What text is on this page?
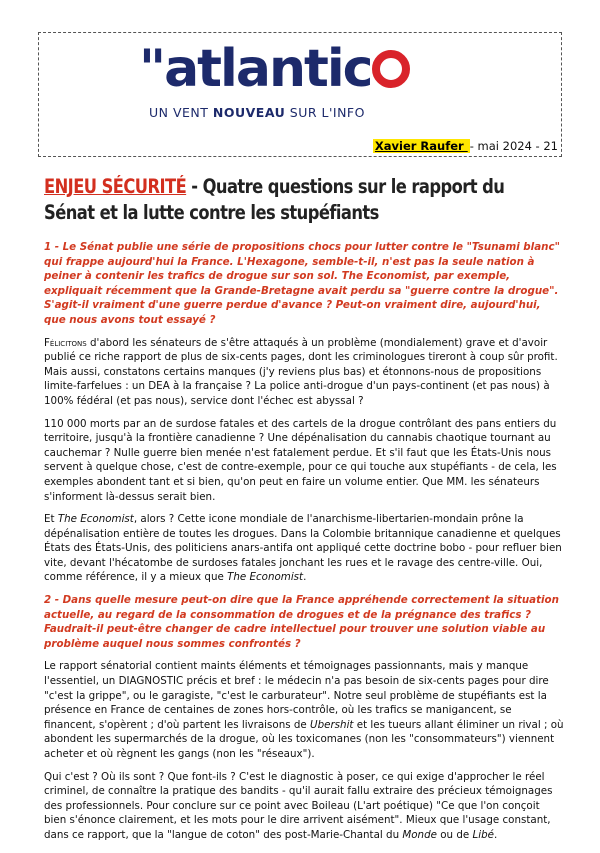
"atlantic
UN VENT NOUVEAU SUR L'INFO
Xavier Raufer - mai 2024 - 21
ENJEU SÉCURITÉ - Quatre questions sur le rapport du Sénat et la lutte contre les stupéfiants

1 - Le Sénat publie une série de propositions chocs pour lutter contre le "Tsunami blanc" qui frappe aujourd'hui la France. L'Hexagone, semble-t-il, n'est pas la seule nation à peiner à contenir les trafics de drogue sur son sol. The Economist, par exemple, expliquait récemment que la Grande-Bretagne avait perdu sa "guerre contre la drogue". S'agit-il vraiment d'une guerre perdue d'avance ? Peut-on vraiment dire, aujourd'hui, que nous avons tout essayé ?

Félicitons d'abord les sénateurs de s'être attaqués à un problème (mondialement) grave et d'avoir publié ce riche rapport de plus de six-cents pages, dont les criminologues tireront à coup sûr profit. Mais aussi, constatons certains manques (j'y reviens plus bas) et étonnons-nous de propositions limite-farfelues : un DEA à la française ? La police anti-drogue d'un pays-continent (et pas nous) à 100% fédéral (et pas nous), service dont l'échec est abyssal ?

110 000 morts par an de surdose fatales et des cartels de la drogue contrôlant des pans entiers du territoire, jusqu'à la frontière canadienne ? Une dépénalisation du cannabis chaotique tournant au cauchemar ? Nulle guerre bien menée n'est fatalement perdue. Et s'il faut que les États-Unis nous servent à quelque chose, c'est de contre-exemple, pour ce qui touche aux stupéfiants - de cela, les exemples abondent tant et si bien, qu'on peut en faire un volume entier. Que MM. les sénateurs s'informent là-dessus serait bien.

Et The Economist, alors ? Cette icone mondiale de l'anarchisme-libertarien-mondain prône la dépénalisation entière de toutes les drogues. Dans la Colombie britannique canadienne et quelques États des États-Unis, des politiciens anars-antifa ont appliqué cette doctrine bobo - pour refluer bien vite, devant l'hécatombe de surdoses fatales jonchant les rues et le ravage des centre-ville. Oui, comme référence, il y a mieux que The Economist.

2 - Dans quelle mesure peut-on dire que la France appréhende correctement la situation actuelle, au regard de la consommation de drogues et de la prégnance des trafics ? Faudrait-il peut-être changer de cadre intellectuel pour trouver une solution viable au problème auquel nous sommes confrontés ?

Le rapport sénatorial contient maints éléments et témoignages passionnants, mais y manque l'essentiel, un DIAGNOSTIC précis et bref : le médecin n'a pas besoin de six-cents pages pour dire "c'est la grippe", ou le garagiste, "c'est le carburateur". Notre seul problème de stupéfiants est la présence en France de centaines de zones hors-contrôle, où les trafics se manigancent, se financent, s'opèrent ; d'où partent les livraisons de Ubershit et les tueurs allant éliminer un rival ; où abondent les supermarchés de la drogue, où les toxicomanes (non les "consommateurs") viennent acheter et où règnent les gangs (non les "réseaux").

Qui c'est ? Où ils sont ? Que font-ils ? C'est le diagnostic à poser, ce qui exige d'approcher le réel criminel, de connaître la pratique des bandits - qu'il aurait fallu extraire des précieux témoignages des professionnels. Pour conclure sur ce point avec Boileau (L'art poétique) "Ce que l'on conçoit bien s'énonce clairement, et les mots pour le dire arrivent aisément". Mieux que l'usage constant, dans ce rapport, que la "langue de coton" des post-Marie-Chantal du Monde ou de Libé.
